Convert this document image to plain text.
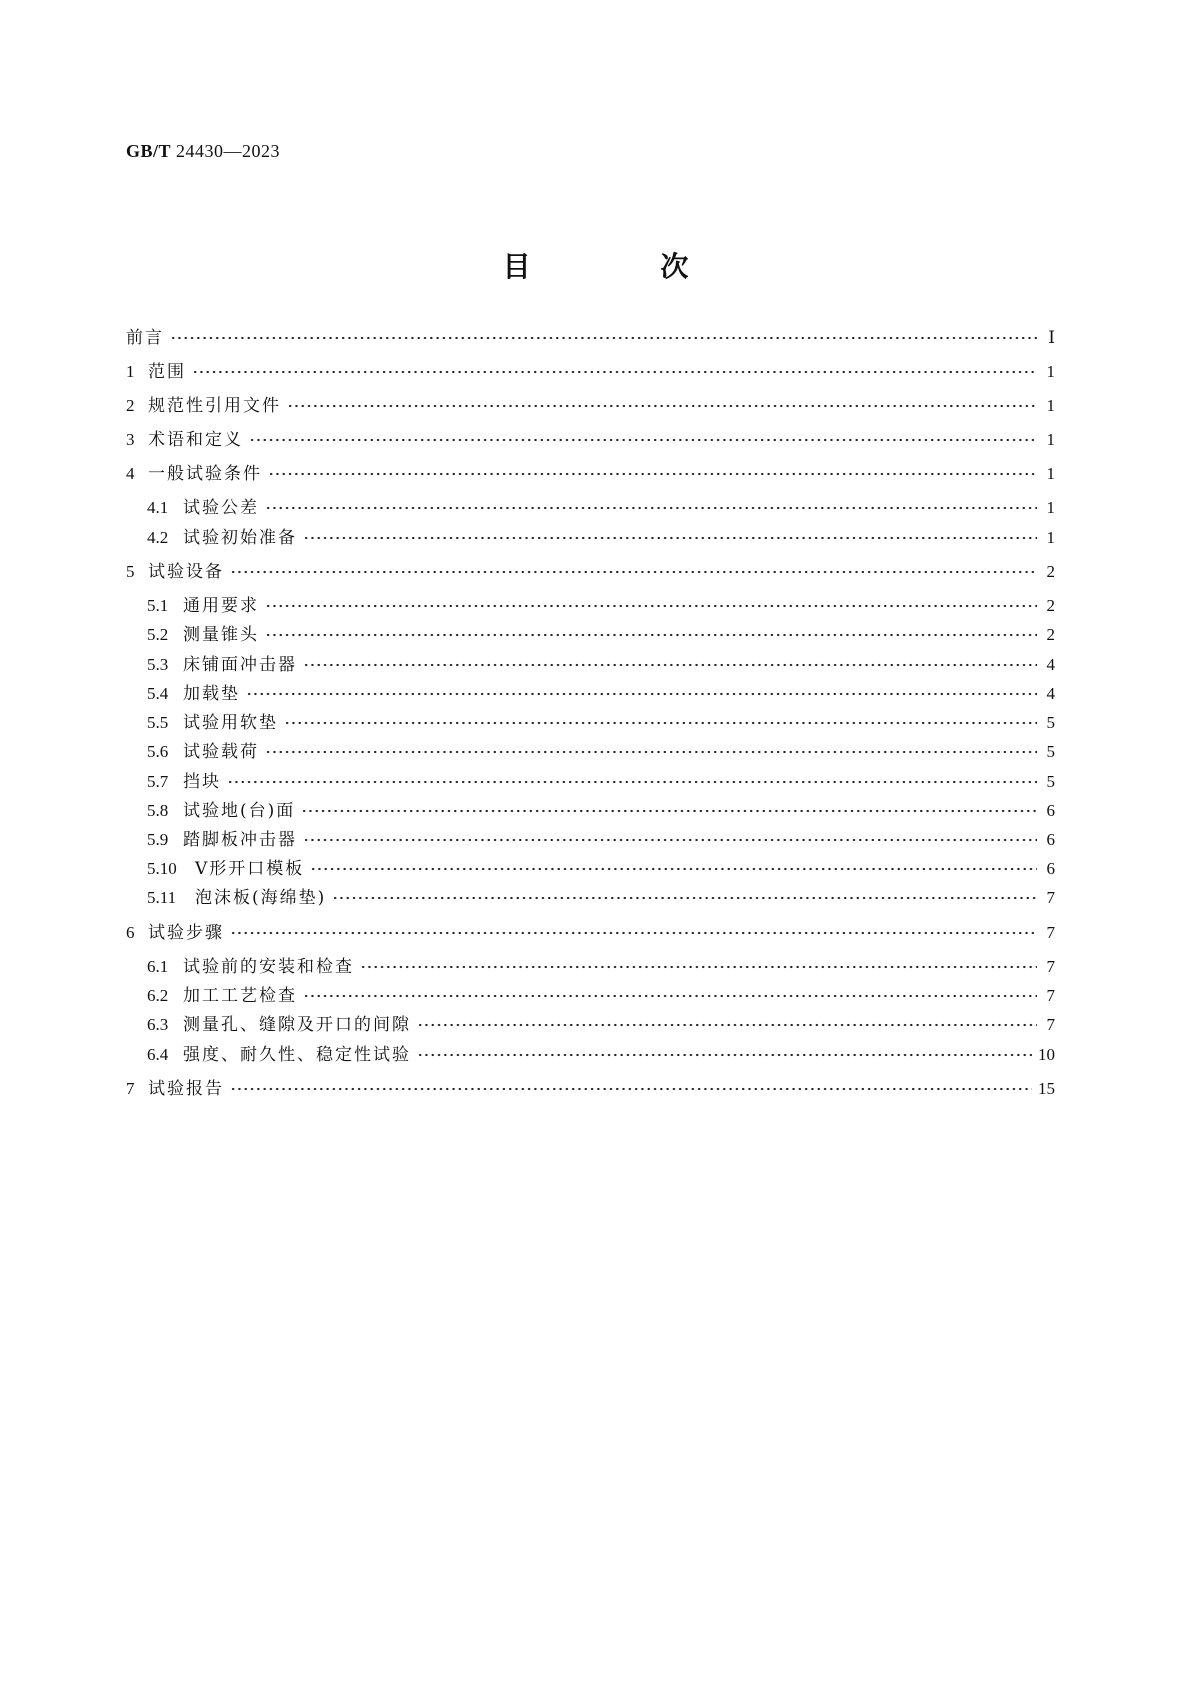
GB/T 24430—2023
目 次
前言	Ⅰ
1 范围	1
2 规范性引用文件	1
3 术语和定义	1
4 一般试验条件	1
4.1 试验公差	1
4.2 试验初始准备	1
5 试验设备	2
5.1 通用要求	2
5.2 测量锥头	2
5.3 床铺面冲击器	4
5.4 加载垫	4
5.5 试验用软垫	5
5.6 试验载荷	5
5.7 挡块	5
5.8 试验地(台)面	6
5.9 踏脚板冲击器	6
5.10	V形开口模板	6
5.11	泡沫板(海绵垫)	7
6 试验步骤	7
6.1 试验前的安装和检查	7
6.2 加工工艺检查	7
6.3 测量孔、缝隙及开口的间隙	7
6.4 强度、耐久性、稳定性试验	10
7 试验报告	15
